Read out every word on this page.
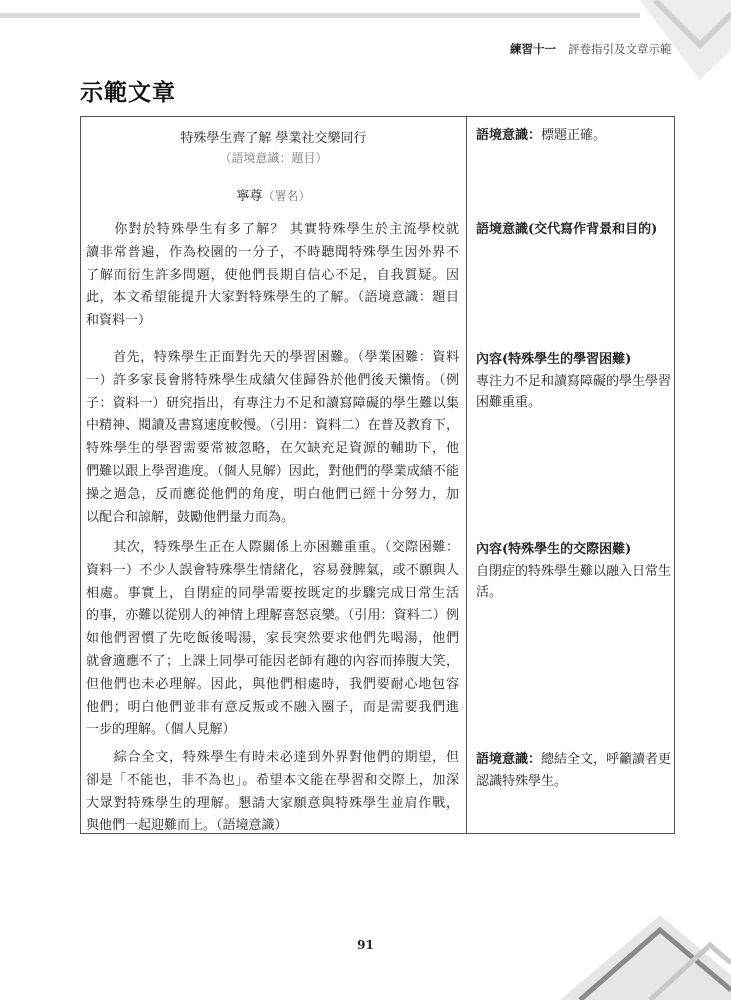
練習十一 評卷指引及文章示範
示範文章
特殊學生齊了解 學業社交樂同行
（語境意識：題目）
寧尊（署名）
　　你對於特殊學生有多了解？ 其實特殊學生於主流學校就
讀非常普遍，作為校園的一分子，不時聽聞特殊學生因外界不
了解而衍生許多問題，使他們長期自信心不足，自我質疑。因
此，本文希望能提升大家對特殊學生的了解。（語境意識：題目
和資料一）
　　首先，特殊學生正面對先天的學習困難。（學業困難：資料
一）許多家長會將特殊學生成績欠佳歸咎於他們後天懶惰。（例
子：資料一）研究指出，有專注力不足和讀寫障礙的學生難以集
中精神、閱讀及書寫速度較慢。（引用：資料二）在普及教育下，
特殊學生的學習需要常被忽略，在欠缺充足資源的輔助下，他
們難以跟上學習進度。（個人見解）因此，對他們的學業成績不能
操之過急，反而應從他們的角度，明白他們已經十分努力，加
以配合和諒解，鼓勵他們量力而為。
　　其次，特殊學生正在人際關係上亦困難重重。（交際困難：
資料一）不少人誤會特殊學生情緒化，容易發脾氣，或不願與人
相處。事實上，自閉症的同學需要按既定的步驟完成日常生活
的事，亦難以從別人的神情上理解喜怒哀樂。（引用：資料二）例
如他們習慣了先吃飯後喝湯，家長突然要求他們先喝湯，他們
就會適應不了；上課上同學可能因老師有趣的內容而捧腹大笑，
但他們也未必理解。因此，與他們相處時，我們要耐心地包容
他們；明白他們並非有意反叛或不融入圈子，而是需要我們進
一步的理解。（個人見解）
　　綜合全文，特殊學生有時未必達到外界對他們的期望，但
卻是「不能也，非不為也」。希望本文能在學習和交際上，加深
大眾對特殊學生的理解。懇請大家願意與特殊學生並肩作戰，
與他們一起迎難而上。（語境意識）
語境意識：標題正確。
語境意識(交代寫作背景和目的)
內容(特殊學生的學習困難)
專注力不足和讀寫障礙的學生學習困難重重。
內容(特殊學生的交際困難)
自閉症的特殊學生難以融入日常生活。
語境意識：總結全文，呼籲讀者更認識特殊學生。
91
